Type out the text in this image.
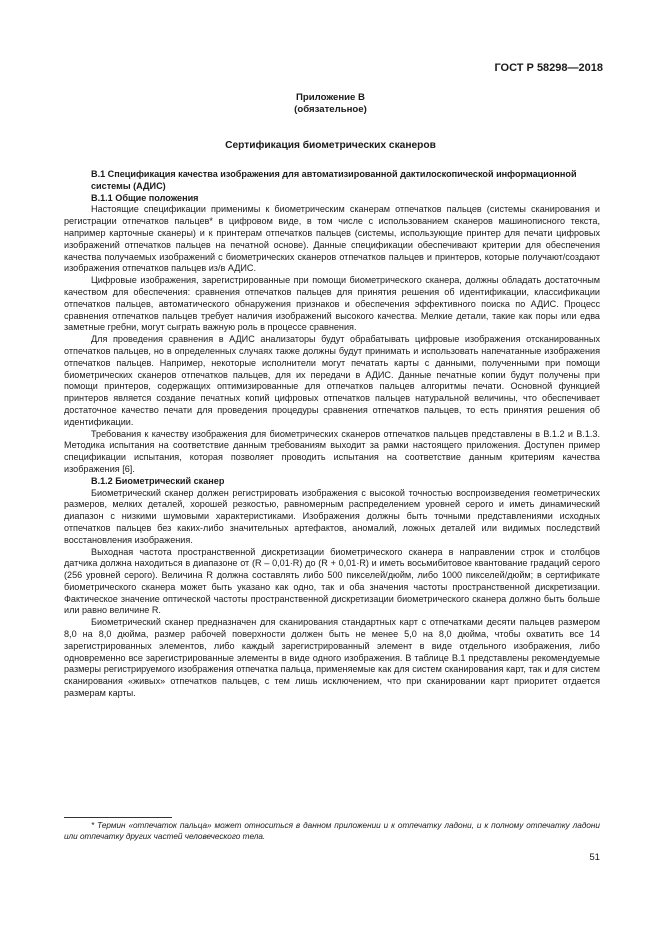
ГОСТ Р 58298—2018
Приложение В
(обязательное)
Сертификация биометрических сканеров
В.1 Спецификация качества изображения для автоматизированной дактилоскопической информационной системы (АДИС)
В.1.1 Общие положения

Настоящие спецификации применимы к биометрическим сканерам отпечатков пальцев (системы сканирования и регистрации отпечатков пальцев* в цифровом виде, в том числе с использованием сканеров машинописного текста, например карточные сканеры) и к принтерам отпечатков пальцев (системы, использующие принтер для печати цифровых изображений отпечатков пальцев на печатной основе). Данные спецификации обеспечивают критерии для обеспечения качества получаемых изображений с биометрических сканеров отпечатков пальцев и принтеров, которые получают/создают изображения отпечатков пальцев из/в АДИС.

Цифровые изображения, зарегистрированные при помощи биометрического сканера, должны обладать достаточным качеством для обеспечения: сравнения отпечатков пальцев для принятия решения об идентификации, классификации отпечатков пальцев, автоматического обнаружения признаков и обеспечения эффективного поиска по АДИС. Процесс сравнения отпечатков пальцев требует наличия изображений высокого качества. Мелкие детали, такие как поры или едва заметные гребни, могут сыграть важную роль в процессе сравнения.

Для проведения сравнения в АДИС анализаторы будут обрабатывать цифровые изображения отсканированных отпечатков пальцев, но в определенных случаях также должны будут принимать и использовать напечатанные изображения отпечатков пальцев. Например, некоторые исполнители могут печатать карты с данными, полученными при помощи биометрических сканеров отпечатков пальцев, для их передачи в АДИС. Данные печатные копии будут получены при помощи принтеров, содержащих оптимизированные для отпечатков пальцев алгоритмы печати. Основной функцией принтеров является создание печатных копий цифровых отпечатков пальцев натуральной величины, что обеспечивает достаточное качество печати для проведения процедуры сравнения отпечатков пальцев, то есть принятия решения об идентификации.

Требования к качеству изображения для биометрических сканеров отпечатков пальцев представлены в В.1.2 и В.1.3. Методика испытания на соответствие данным требованиям выходит за рамки настоящего приложения. Доступен пример спецификации испытания, которая позволяет проводить испытания на соответствие данным критериям качества изображения [6].

В.1.2 Биометрический сканер

Биометрический сканер должен регистрировать изображения с высокой точностью воспроизведения геометрических размеров, мелких деталей, хорошей резкостью, равномерным распределением уровней серого и иметь динамический диапазон с низкими шумовыми характеристиками. Изображения должны быть точными представлениями исходных отпечатков пальцев без каких-либо значительных артефактов, аномалий, ложных деталей или видимых последствий восстановления изображения.

Выходная частота пространственной дискретизации биометрического сканера в направлении строк и столбцов датчика должна находиться в диапазоне от (R – 0,01·R) до (R + 0,01·R) и иметь восьмибитовое квантование градаций серого (256 уровней серого). Величина R должна составлять либо 500 пикселей/дюйм, либо 1000 пикселей/дюйм; в сертификате биометрического сканера может быть указано как одно, так и оба значения частоты пространственной дискретизации. Фактическое значение оптической частоты пространственной дискретизации биометрического сканера должно быть больше или равно величине R.

Биометрический сканер предназначен для сканирования стандартных карт с отпечатками десяти пальцев размером 8,0 на 8,0 дюйма, размер рабочей поверхности должен быть не менее 5,0 на 8,0 дюйма, чтобы охватить все 14 зарегистрированных элементов, либо каждый зарегистрированный элемент в виде отдельного изображения, либо одновременно все зарегистрированные элементы в виде одного изображения. В таблице В.1 представлены рекомендуемые размеры регистрируемого изображения отпечатка пальца, применяемые как для систем сканирования карт, так и для систем сканирования «живых» отпечатков пальцев, с тем лишь исключением, что при сканировании карт приоритет отдается размерам карты.

* Термин «отпечаток пальца» может относиться в данном приложении и к отпечатку ладони, и к полному отпечатку ладони или отпечатку других частей человеческого тела.
51
